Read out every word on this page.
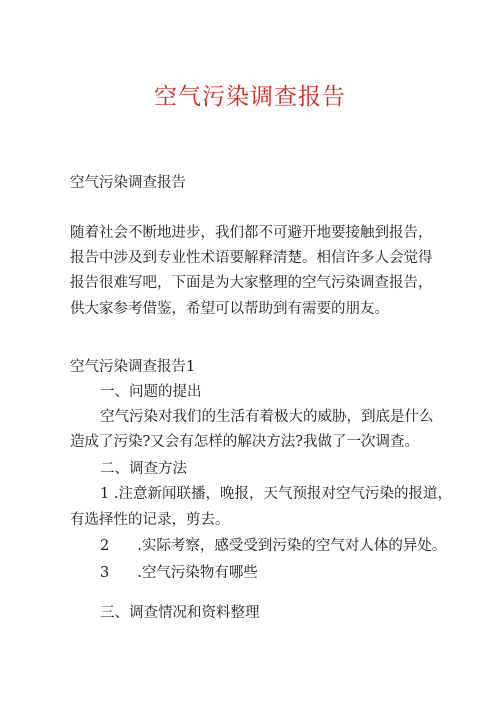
空气污染调查报告
空气污染调查报告
随着社会不断地进步，我们都不可避开地要接触到报告，
报告中涉及到专业性术语要解释清楚。相信许多人会觉得
报告很难写吧，下面是为大家整理的空气污染调查报告，
供大家参考借鉴，希望可以帮助到有需要的朋友。
空气污染调查报告1
一、问题的提出
空气污染对我们的生活有着极大的威胁，到底是什么
造成了污染?又会有怎样的解决方法?我做了一次调查。
二、调查方法
1 .注意新闻联播，晚报，天气预报对空气污染的报道，
有选择性的记录，剪去。
2 .实际考察，感受受到污染的空气对人体的异处。
3 .空气污染物有哪些
三、调查情况和资料整理
